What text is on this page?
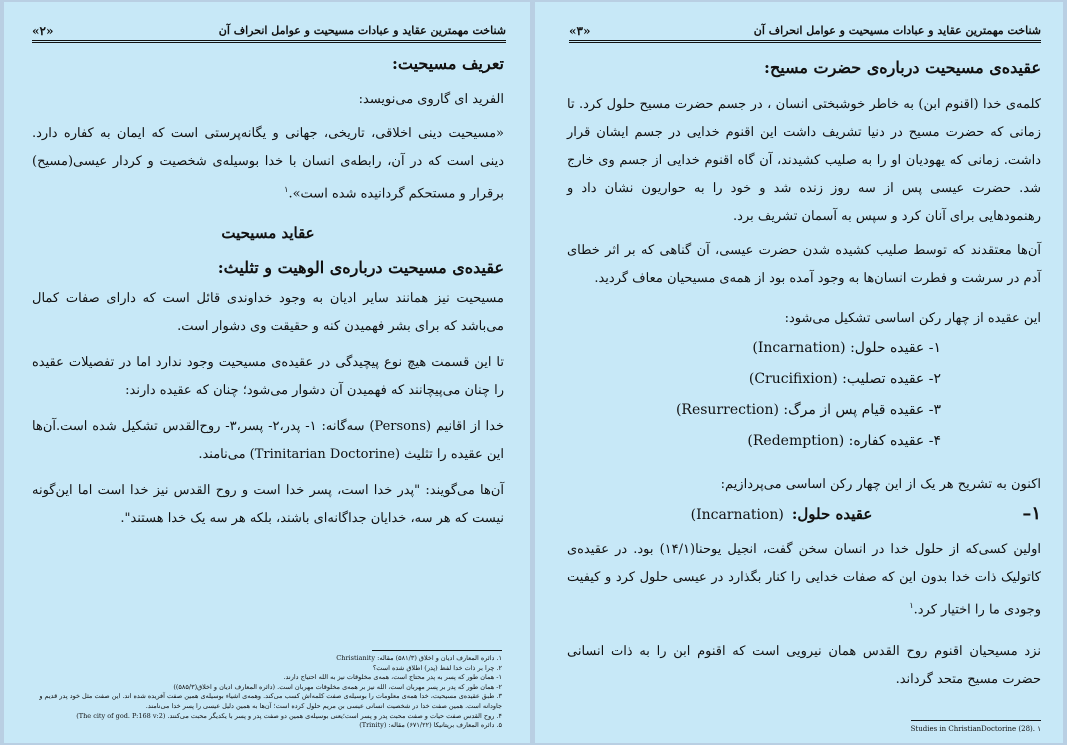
شناخت مهمترین عقاید و عبادات مسیحیت و عوامل انحراف آن
«۲»
تعریف مسیحیت:

الفرید ای گاروی می‌نویسد:

«مسیحیت دینی اخلاقی، تاریخی، جهانی و یگانه‌پرستی است که ایمان به کفاره دارد. دینی است که در آن، رابطه‌ی انسان با خدا بوسیله‌ی شخصیت و کردار عیسی(مسیح) برقرار و مستحکم گردانیده شده است».$^۱$

عقاید مسیحیت
عقیده‌ی مسیحیت درباره‌ی الوهیت و تثلیث:

مسیحیت نیز همانند سایر ادیان به وجود خداوندی قائل است که دارای صفات کمال می‌باشد که برای بشر فهمیدن کنه و حقیقت وی دشوار است.

تا این قسمت هیچ نوع پیچیدگی در عقیده‌ی مسیحیت وجود ندارد اما در تفصیلات عقیده را چنان می‌پیچانند که فهمیدن آن دشوار می‌شود؛ چنان که عقیده دارند:

خدا از اقانیم (Persons) سه‌گانه: ۱- پدر،۲- پسر،۳- روح‌القدس تشکیل شده است.آن‌ها این عقیده را تثلیث (Trinitarian Doctorine) می‌نامند.

آن‌ها می‌گویند: "پدر خدا است، پسر خدا است و روح القدس نیز خدا است اما این‌گونه نیست که هر سه، خدایان جداگانه‌ای باشند، بلکه هر سه یک خدا هستند".

۱. دائره المعارف ادیان و اخلاق (۵۸۱/۳) مقاله: Christianity
۲. چرا بر ذات خدا لفظ (پدر) اطلاق شده است؟
۱- همان طور که پسر به پدر محتاج است، همه‌ی مخلوقات نیز به الله احتیاج دارند.
۲- همان طور که پدر بر پسر مهربان است، الله نیز بر همه‌ی مخلوقات مهربان است. (دائره المعارف ادیان و اخلاق(۵۸۵/۳))
۳. طبق عقیده‌ی مسیحیت، خدا همه‌ی معلومات را بوسیله‌ی صفت کلمه‌اش کسب می‌کند. وهمه‌ی اشیاء بوسیله‌ی همین صفت آفریده شده اند. این صفت مثل خود پدر قدیم و جاودانه است. همین صفت خدا در شخصیت انسانی عیسی بن مریم حلول کرده است؛ آن‌ها به همین دلیل عیسی را پسر خدا می‌نامند.
۴. روح القدس صفت حیات و صفت محبت پدر و پسر است؛یعنی بوسیله‌ی همین دو صفت پدر و پسر با یکدیگر محبت می‌کنند. (The city of god. P:168 v:2)
۵. دائره المعارف بریتانیکا (۶۷۱/۲۲) مقاله: (Trinity)
شناخت مهمترین عقاید و عبادات مسیحیت و عوامل انحراف آن
«۳»
عقیده‌ی مسیحیت درباره‌ی حضرت مسیح:

کلمه‌ی خدا (اقنوم ابن) به خاطر خوشبختی انسان ، در جسم حضرت مسیح حلول کرد. تا زمانی که حضرت مسیح در دنیا تشریف داشت این اقنوم خدایی در جسم ایشان قرار داشت. زمانی که یهودیان او را به صلیب کشیدند، آن گاه اقنوم خدایی از جسم وی خارج شد. حضرت عیسی پس از سه روز زنده شد و خود را به حواریون نشان داد و رهنمودهایی برای آنان کرد و سپس به آسمان تشریف برد.

آن‌ها معتقدند که توسط صلیب کشیده شدن حضرت عیسی، آن گناهی که بر اثر خطای آدم در سرشت و فطرت انسان‌ها به وجود آمده بود از همه‌ی مسیحیان معاف گردید.

این عقیده از چهار رکن اساسی تشکیل می‌شود:

۱- عقیده حلول: (Incarnation)

۲- عقیده تصلیب: (Crucifixion)

۳- عقیده قیام پس از مرگ: (Resurrection)

۴- عقیده کفاره: (Redemption)

اکنون به تشریح هر یک از این چهار رکن اساسی می‌پردازیم:

۱–
عقیده حلول:
(Incarnation)

اولین کسی‌که از حلول خدا در انسان سخن گفت، انجیل یوحنا(۱۴/۱) بود. در عقیده‌ی کاتولیک ذات خدا بدون این که صفات خدایی را کنار بگذارد در عیسی حلول کرد و کیفیت وجودی ما را اختیار کرد.$^۱$

نزد مسیحیان اقنوم روح القدس همان نیرویی است که اقنوم ابن را به ذات انسانی حضرت مسیح متحد گرداند.

Studies in ChristianDoctorine (28). ۱
